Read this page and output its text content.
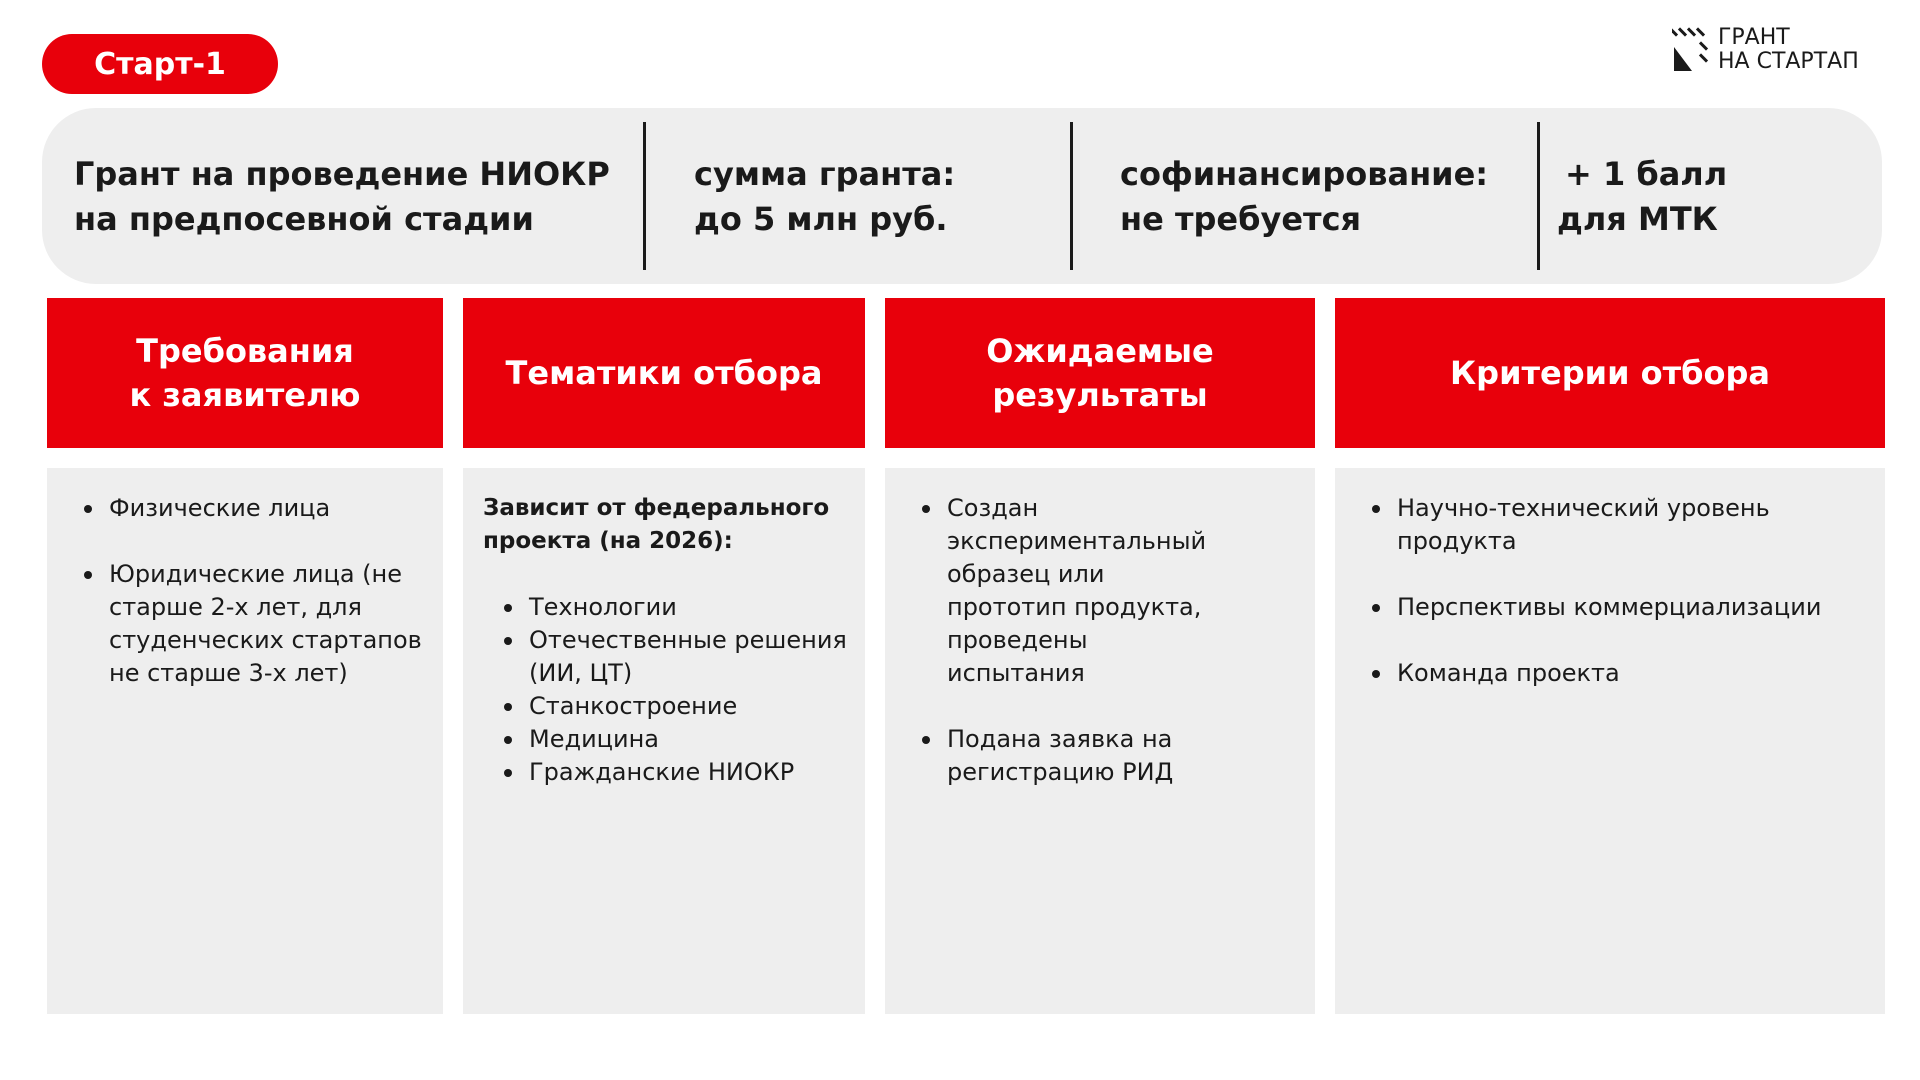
Старт-1
ГРАНТ
НА СТАРТАП
Грант на проведение НИОКР
на предпосевной стадии
сумма гранта:
до 5 млн руб.
софинансирование:
не требуется
+ 1 балл
для МТК
Требования
к заявителю
Физические лица
Юридические лица (не старше 2-х лет, для студенческих стартапов не старше 3-х лет)
Тематики отбора

Зависит от федерального проекта (на 2026):

Технологии
Отечественные решения (ИИ, ЦТ)
Станкостроение
Медицина
Гражданские НИОКР
Ожидаемые
результаты
Создан экспериментальный образец или прототип продукта, проведены испытания
Подана заявка на регистрацию РИД
Критерии отбора
Научно-технический уровень продукта
Перспективы коммерциализации
Команда проекта
